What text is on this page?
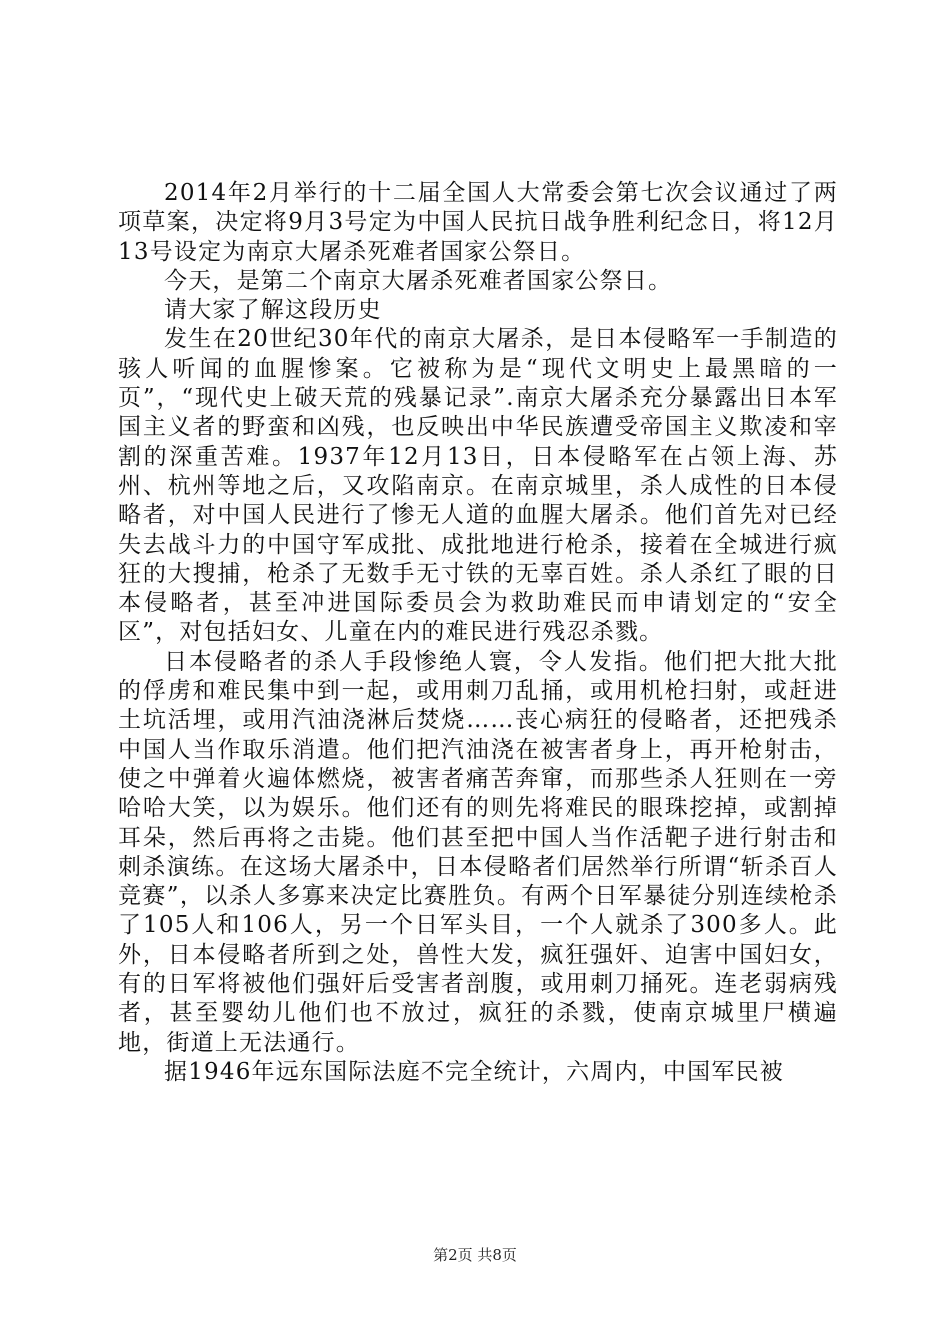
2014年2月举行的十二届全国人大常委会第七次会议通过了两项草案，决定将9月3号定为中国人民抗日战争胜利纪念日，将12月13号设定为南京大屠杀死难者国家公祭日。

今天，是第二个南京大屠杀死难者国家公祭日。

请大家了解这段历史

发生在20世纪30年代的南京大屠杀，是日本侵略军一手制造的骇人听闻的血腥惨案。它被称为是“现代文明史上最黑暗的一页”，“现代史上破天荒的残暴记录”.南京大屠杀充分暴露出日本军国主义者的野蛮和凶残，也反映出中华民族遭受帝国主义欺凌和宰割的深重苦难。1937年12月13日，日本侵略军在占领上海、苏州、杭州等地之后，又攻陷南京。在南京城里，杀人成性的日本侵略者，对中国人民进行了惨无人道的血腥大屠杀。他们首先对已经失去战斗力的中国守军成批、成批地进行枪杀，接着在全城进行疯狂的大搜捕，枪杀了无数手无寸铁的无辜百姓。杀人杀红了眼的日本侵略者，甚至冲进国际委员会为救助难民而申请划定的“安全区”，对包括妇女、儿童在内的难民进行残忍杀戮。

日本侵略者的杀人手段惨绝人寰，令人发指。他们把大批大批的俘虏和难民集中到一起，或用刺刀乱捅，或用机枪扫射，或赶进土坑活埋，或用汽油浇淋后焚烧……丧心病狂的侵略者，还把残杀中国人当作取乐消遣。他们把汽油浇在被害者身上，再开枪射击，使之中弹着火遍体燃烧，被害者痛苦奔窜，而那些杀人狂则在一旁哈哈大笑，以为娱乐。他们还有的则先将难民的眼珠挖掉，或割掉耳朵，然后再将之击毙。他们甚至把中国人当作活靶子进行射击和刺杀演练。在这场大屠杀中，日本侵略者们居然举行所谓“斩杀百人竞赛”，以杀人多寡来决定比赛胜负。有两个日军暴徒分别连续枪杀了105人和106人，另一个日军头目，一个人就杀了300多人。此外，日本侵略者所到之处，兽性大发，疯狂强奸、迫害中国妇女，有的日军将被他们强奸后受害者剖腹，或用刺刀捅死。连老弱病残者，甚至婴幼儿他们也不放过，疯狂的杀戮，使南京城里尸横遍地，街道上无法通行。

据1946年远东国际法庭不完全统计，六周内，中国军民被

第2页 共8页
